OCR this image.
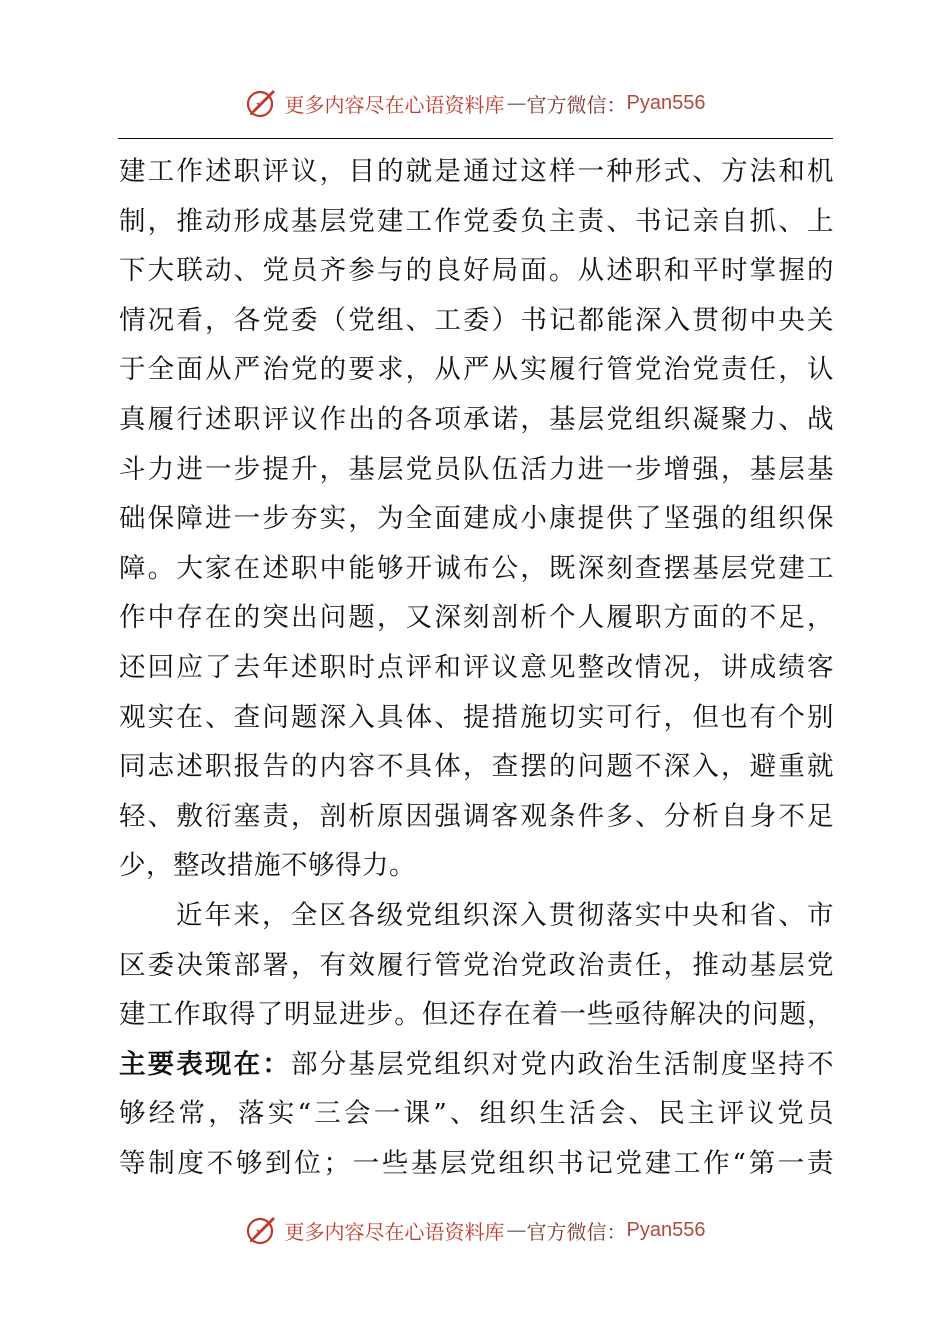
更多内容尽在心语资料库 — 官方微信： Pyan556
建工作述职评议，目的就是通过这样一种形式、方法和机
制，推动形成基层党建工作党委负主责、书记亲自抓、上
下大联动、党员齐参与的良好局面。从述职和平时掌握的
情况看，各党委（党组、工委）书记都能深入贯彻中央关
于全面从严治党的要求，从严从实履行管党治党责任，认
真履行述职评议作出的各项承诺，基层党组织凝聚力、战
斗力进一步提升，基层党员队伍活力进一步增强，基层基
础保障进一步夯实，为全面建成小康提供了坚强的组织保
障。大家在述职中能够开诚布公，既深刻查摆基层党建工
作中存在的突出问题，又深刻剖析个人履职方面的不足，
还回应了去年述职时点评和评议意见整改情况，讲成绩客
观实在、查问题深入具体、提措施切实可行，但也有个别
同志述职报告的内容不具体，查摆的问题不深入，避重就
轻、敷衍塞责，剖析原因强调客观条件多、分析自身不足
少，整改措施不够得力。
近年来，全区各级党组织深入贯彻落实中央和省、市
区委决策部署，有效履行管党治党政治责任，推动基层党
建工作取得了明显进步。但还存在着一些亟待解决的问题，
主要表现在：部分基层党组织对党内政治生活制度坚持不
够经常，落实“三会一课”、组织生活会、民主评议党员
等制度不够到位；一些基层党组织书记党建工作“第一责
更多内容尽在心语资料库 — 官方微信： Pyan556
